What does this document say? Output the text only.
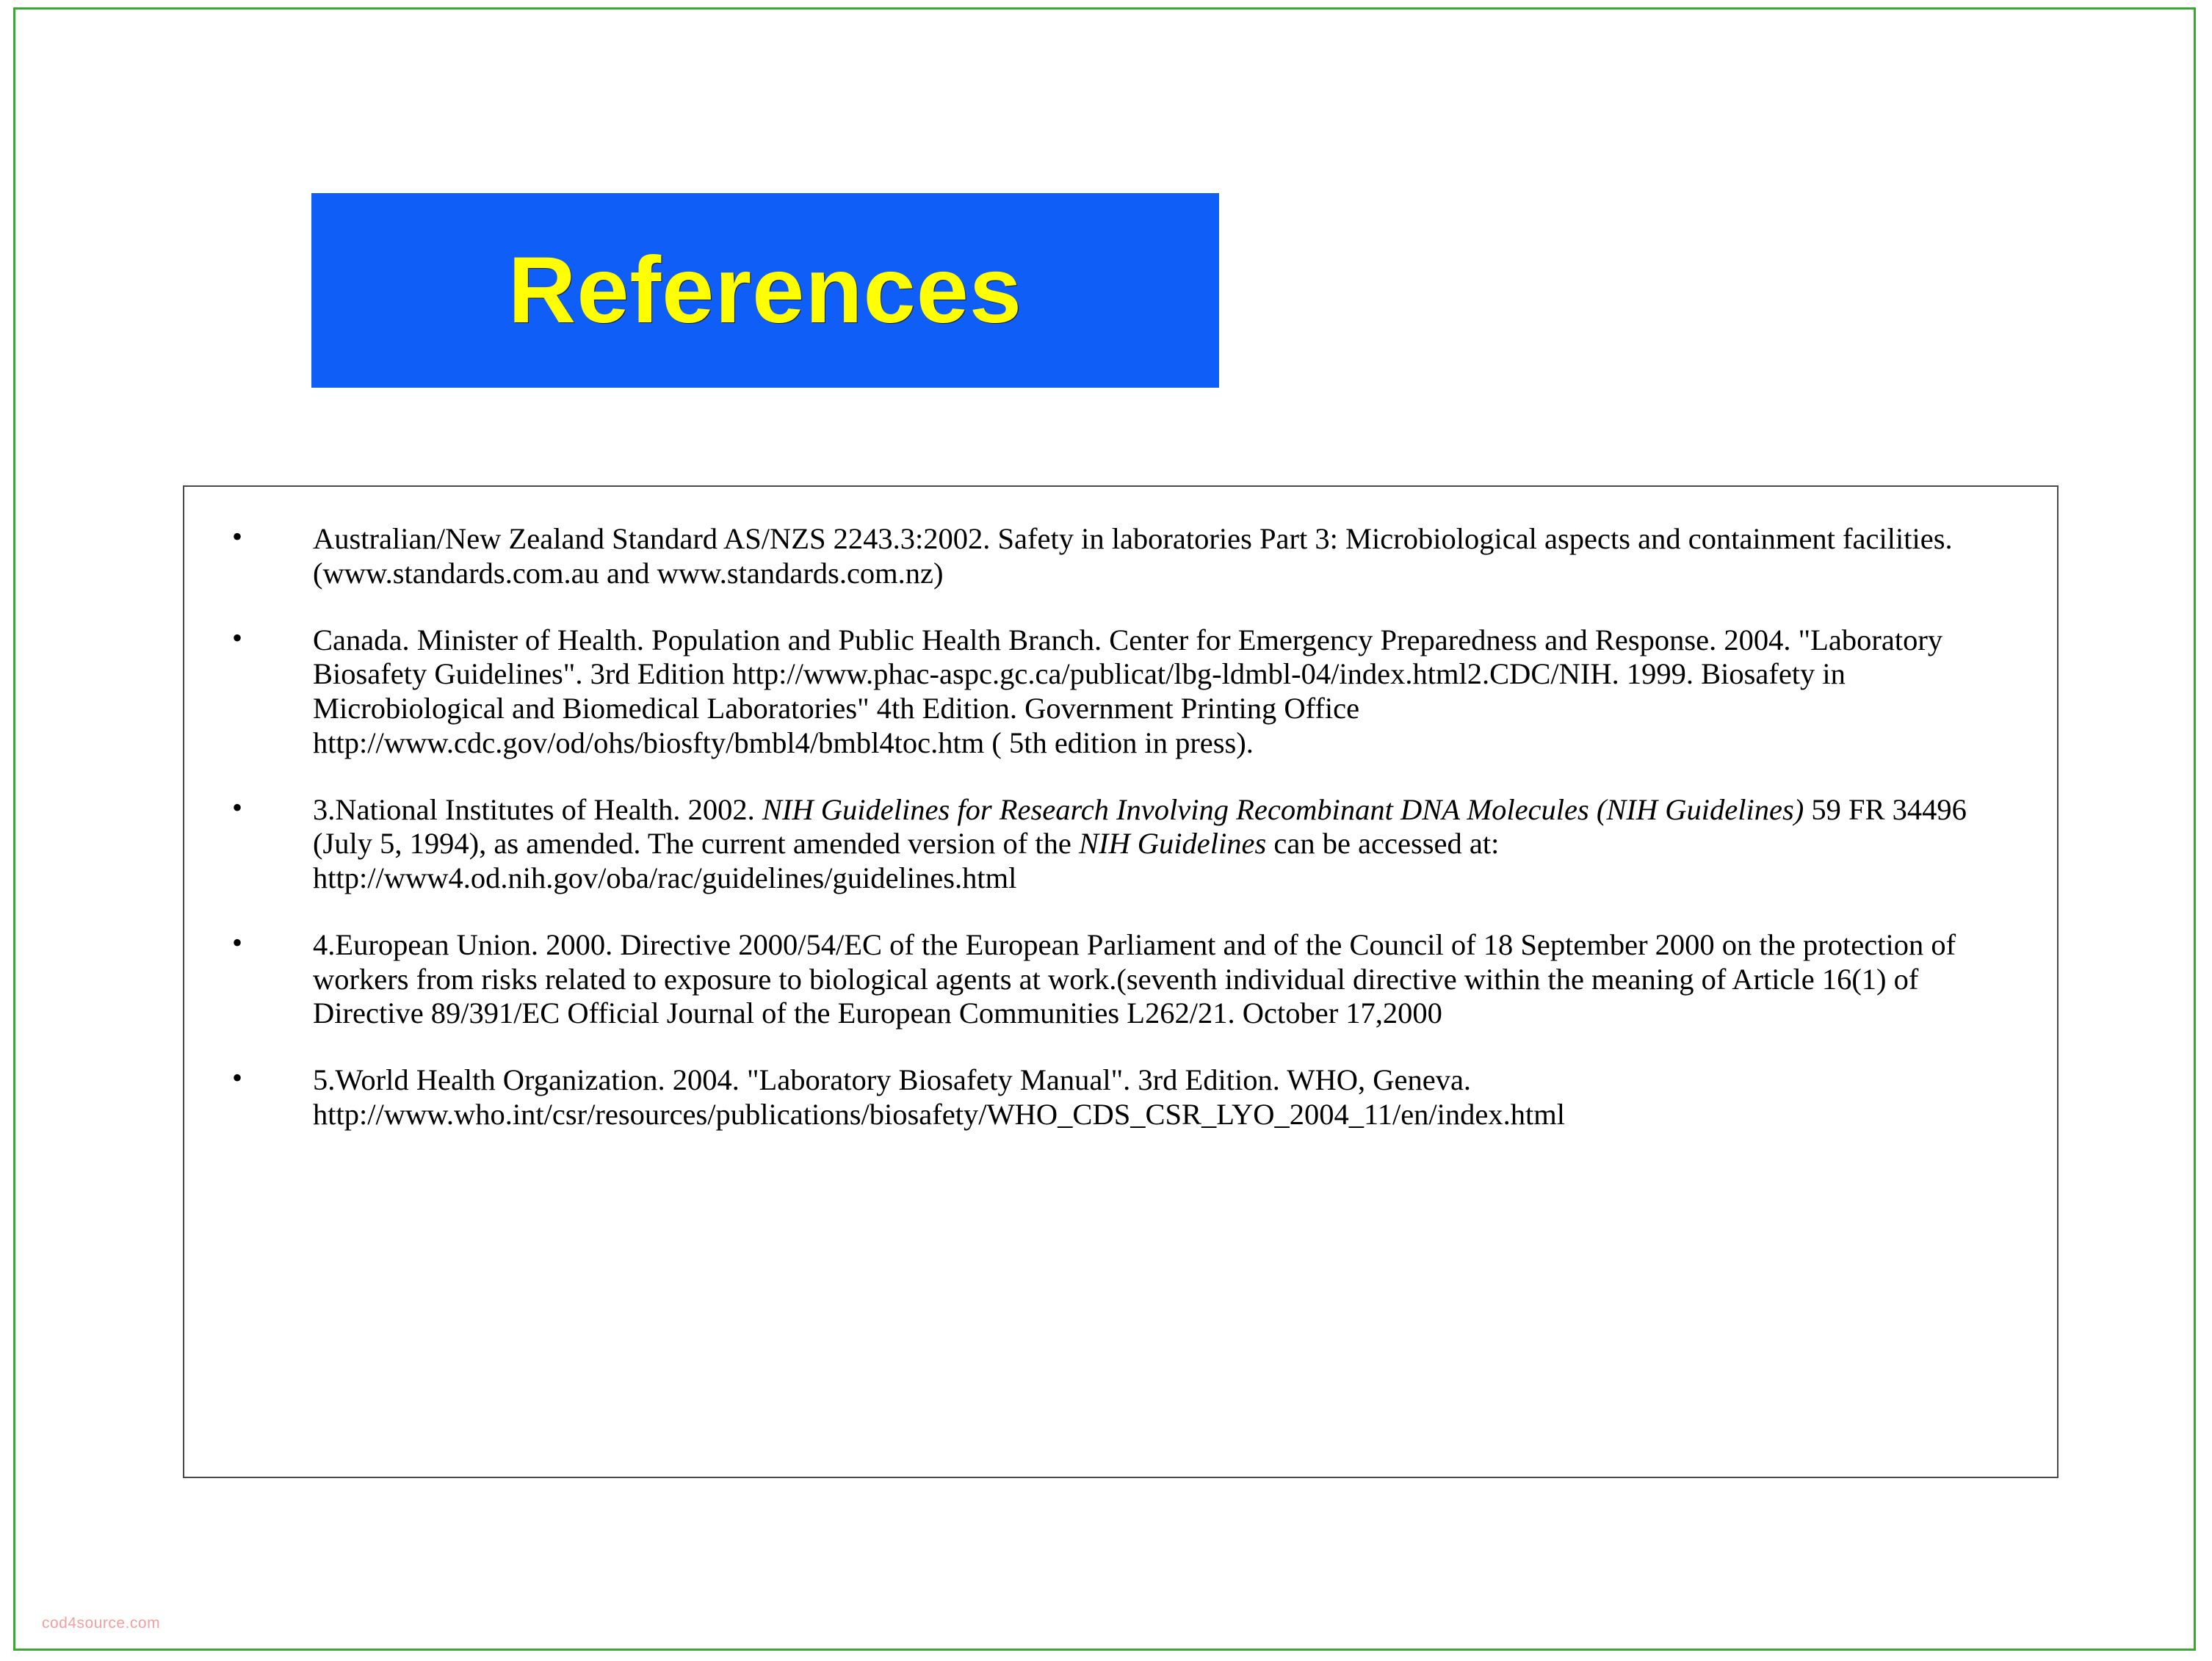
References
• Australian/New Zealand Standard AS/NZS 2243.3:2002. Safety in laboratories Part 3: Microbiological aspects and containment facilities.(www.standards.com.au and www.standards.com.nz)
• Canada. Minister of Health. Population and Public Health Branch. Center for Emergency Preparedness and Response. 2004. "Laboratory Biosafety Guidelines". 3rd Edition http://www.phac-aspc.gc.ca/publicat/lbg-ldmbl-04/index.html2.CDC/NIH. 1999. Biosafety in Microbiological and Biomedical Laboratories" 4th Edition. Government Printing Office http://www.cdc.gov/od/ohs/biosfty/bmbl4/bmbl4toc.htm ( 5th edition in press).
• 3.National Institutes of Health. 2002. NIH Guidelines for Research Involving Recombinant DNA Molecules (NIH Guidelines) 59 FR 34496 (July 5, 1994), as amended. The current amended version of the NIH Guidelines can be accessed at: http://www4.od.nih.gov/oba/rac/guidelines/guidelines.html
• 4.European Union. 2000. Directive 2000/54/EC of the European Parliament and of the Council of 18 September 2000 on the protection of workers from risks related to exposure to biological agents at work.(seventh individual directive within the meaning of Article 16(1) of Directive 89/391/EC Official Journal of the European Communities L262/21. October 17,2000
• 5.World Health Organization. 2004. "Laboratory Biosafety Manual". 3rd Edition. WHO, Geneva. http://www.who.int/csr/resources/publications/biosafety/WHO_CDS_CSR_LYO_2004_11/en/index.html
cod4source.com
